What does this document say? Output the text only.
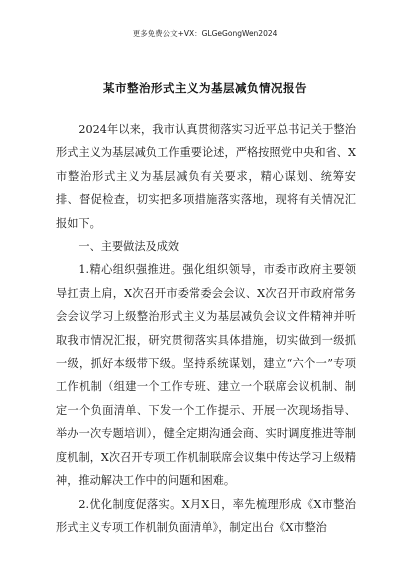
更多免费公文+VX：GLGeGongWen2024
某市整治形式主义为基层减负情况报告

2024年以来，我市认真贯彻落实习近平总书记关于整治形式主义为基层减负工作重要论述，严格按照党中央和省、X市整治形式主义为基层减负有关要求，精心谋划、统筹安排、督促检查，切实把多项措施落实落地，现将有关情况汇报如下。

一、主要做法及成效

1.精心组织强推进。强化组织领导，市委市政府主要领导扛责上肩，X次召开市委常委会会议、X次召开市政府常务会会议学习上级整治形式主义为基层减负会议文件精神并听取我市情况汇报，研究贯彻落实具体措施，切实做到一级抓一级，抓好本级带下级。坚持系统谋划，建立“六个一”专项工作机制（组建一个工作专班、建立一个联席会议机制、制定一个负面清单、下发一个工作提示、开展一次现场指导、举办一次专题培训），健全定期沟通会商、实时调度推进等制度机制，X次召开专项工作机制联席会议集中传达学习上级精神，推动解决工作中的问题和困难。

2.优化制度促落实。X月X日，率先梳理形成《X市整治形式主义专项工作机制负面清单》，制定出台《X市整治
